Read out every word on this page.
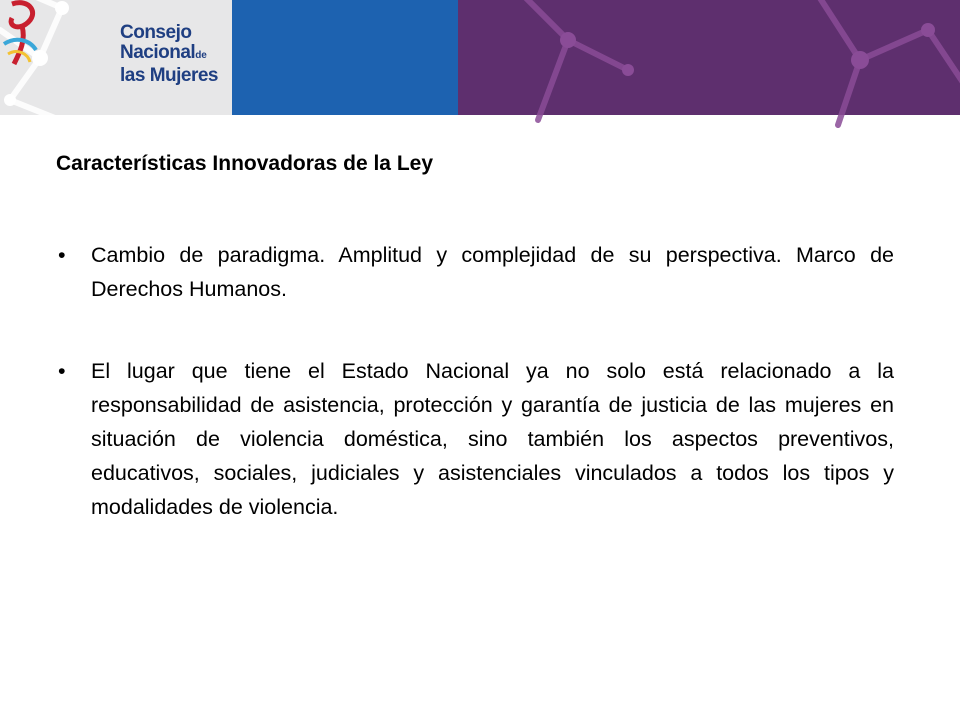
Consejo
Nacionalde
las Mujeres
de la Nación
Características Innovadoras de la Ley
• Cambio de paradigma. Amplitud y complejidad de su perspectiva. Marco de Derechos Humanos.
• El lugar que tiene el Estado Nacional ya no solo está relacionado a la responsabilidad de asistencia, protección y garantía de justicia de las mujeres en situación de violencia doméstica, sino también los aspectos preventivos, educativos, sociales, judiciales y asistenciales vinculados a todos los tipos y modalidades de violencia.
